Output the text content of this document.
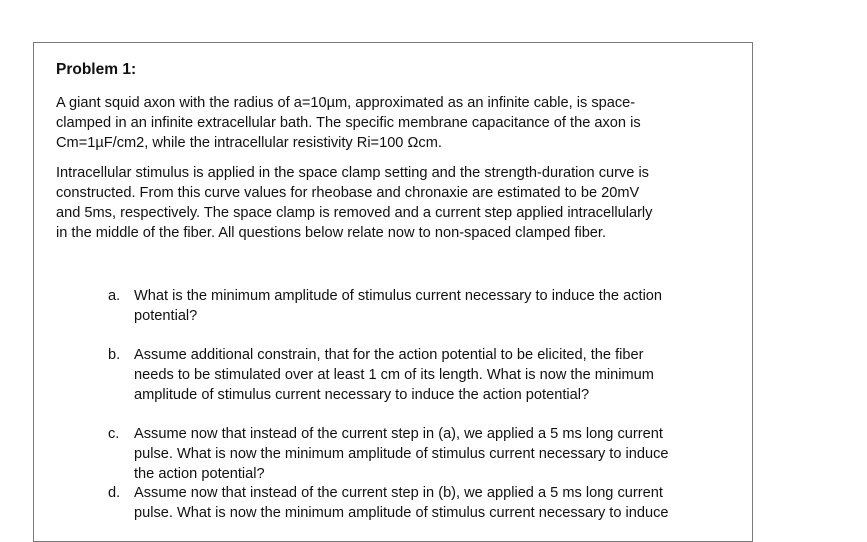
Problem 1:
A giant squid axon with the radius of a=10µm, approximated as an infinite cable, is space-
clamped in an infinite extracellular bath. The specific membrane capacitance of the axon is
Cm=1µF/cm2, while the intracellular resistivity Ri=100 Ωcm.
Intracellular stimulus is applied in the space clamp setting and the strength-duration curve is
constructed. From this curve values for rheobase and chronaxie are estimated to be 20mV
and 5ms, respectively. The space clamp is removed and a current step applied intracellularly
in the middle of the fiber. All questions below relate now to non-spaced clamped fiber.
a. What is the minimum amplitude of stimulus current necessary to induce the action
potential?
b. Assume additional constrain, that for the action potential to be elicited, the fiber
needs to be stimulated over at least 1 cm of its length. What is now the minimum
amplitude of stimulus current necessary to induce the action potential?
c.	Assume now that instead of the current step in (a), we applied a 5 ms long current
pulse. What is now the minimum amplitude of stimulus current necessary to induce
the action potential?
d. Assume now that instead of the current step in (b), we applied a 5 ms long current
pulse. What is now the minimum amplitude of stimulus current necessary to induce
